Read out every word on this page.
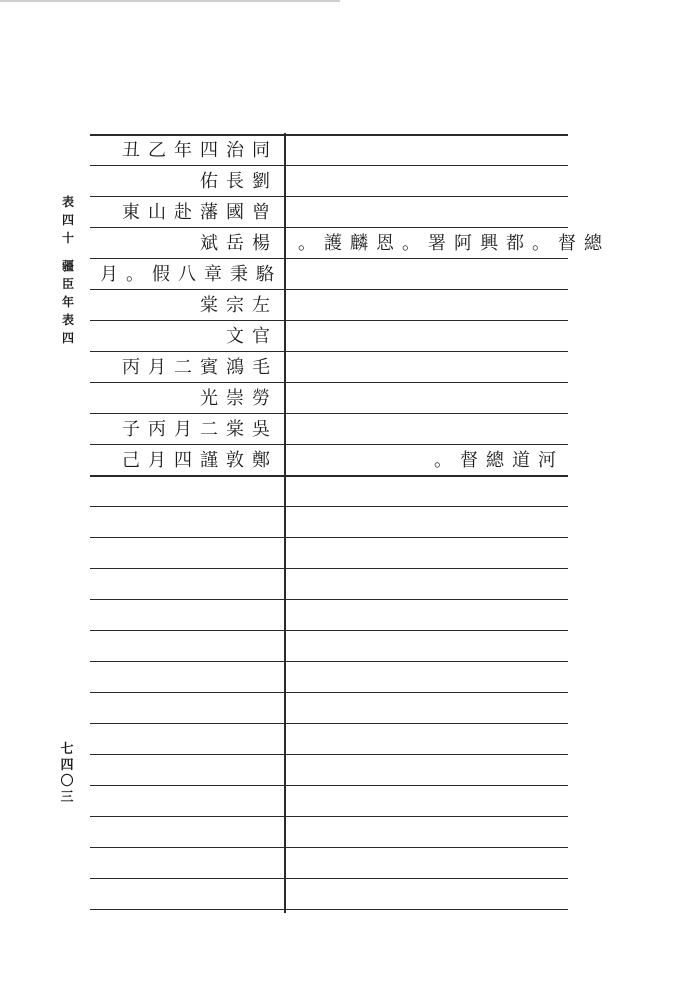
表
四
十
疆
臣
年
表
四
七
四
〇
三
丑 乙 年 四 治 同
佑 長 劉
東 山 赴 藩 國 曾
斌 岳 楊 。 護 麟 恩 。 署 阿 興 都 。 督 總
月 。 假 八 章 秉 駱
棠 宗 左
文 官
丙 月 二 賓 鴻 毛
光 崇 勞
子 丙 月 二 棠 吳
己 月 四 謹 敦 鄭	。 督 總 道 河
